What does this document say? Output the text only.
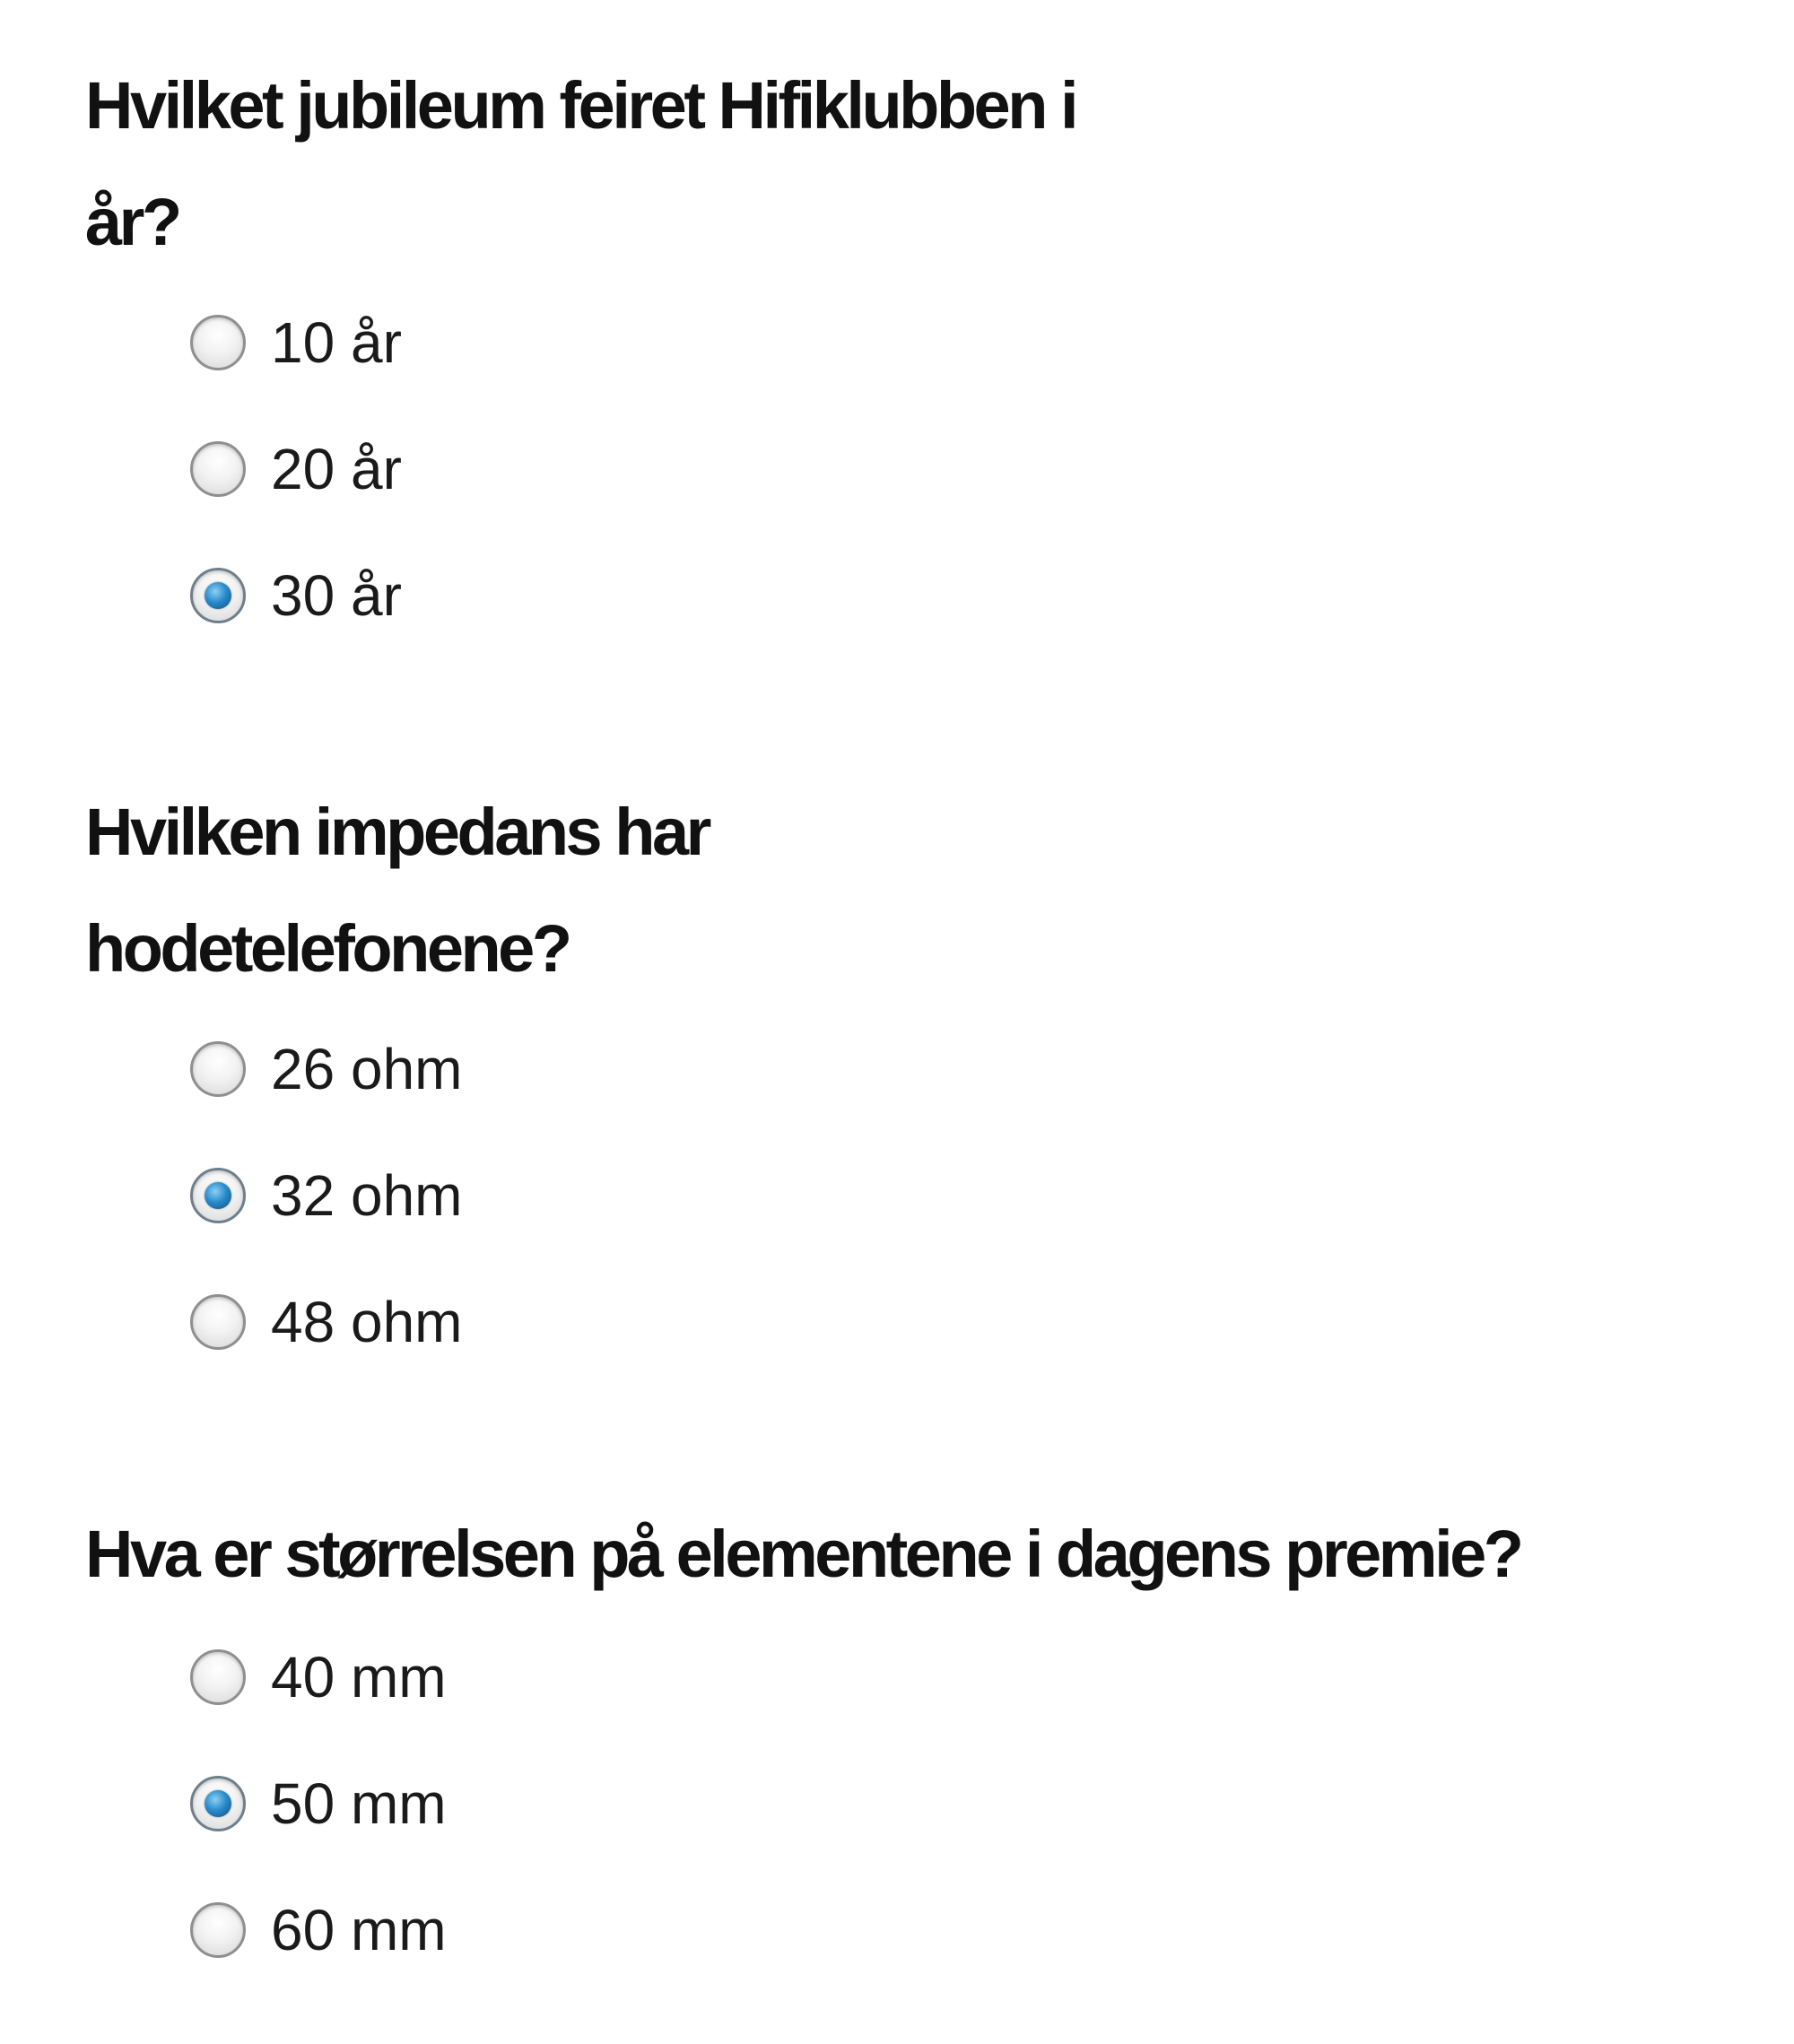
Hvilket jubileum feiret Hifiklubben i
år?
10 år
20 år
30 år
Hvilken impedans har
hodetelefonene?
26 ohm
32 ohm
48 ohm
Hva er størrelsen på elementene i dagens premie?
40 mm
50 mm
60 mm
